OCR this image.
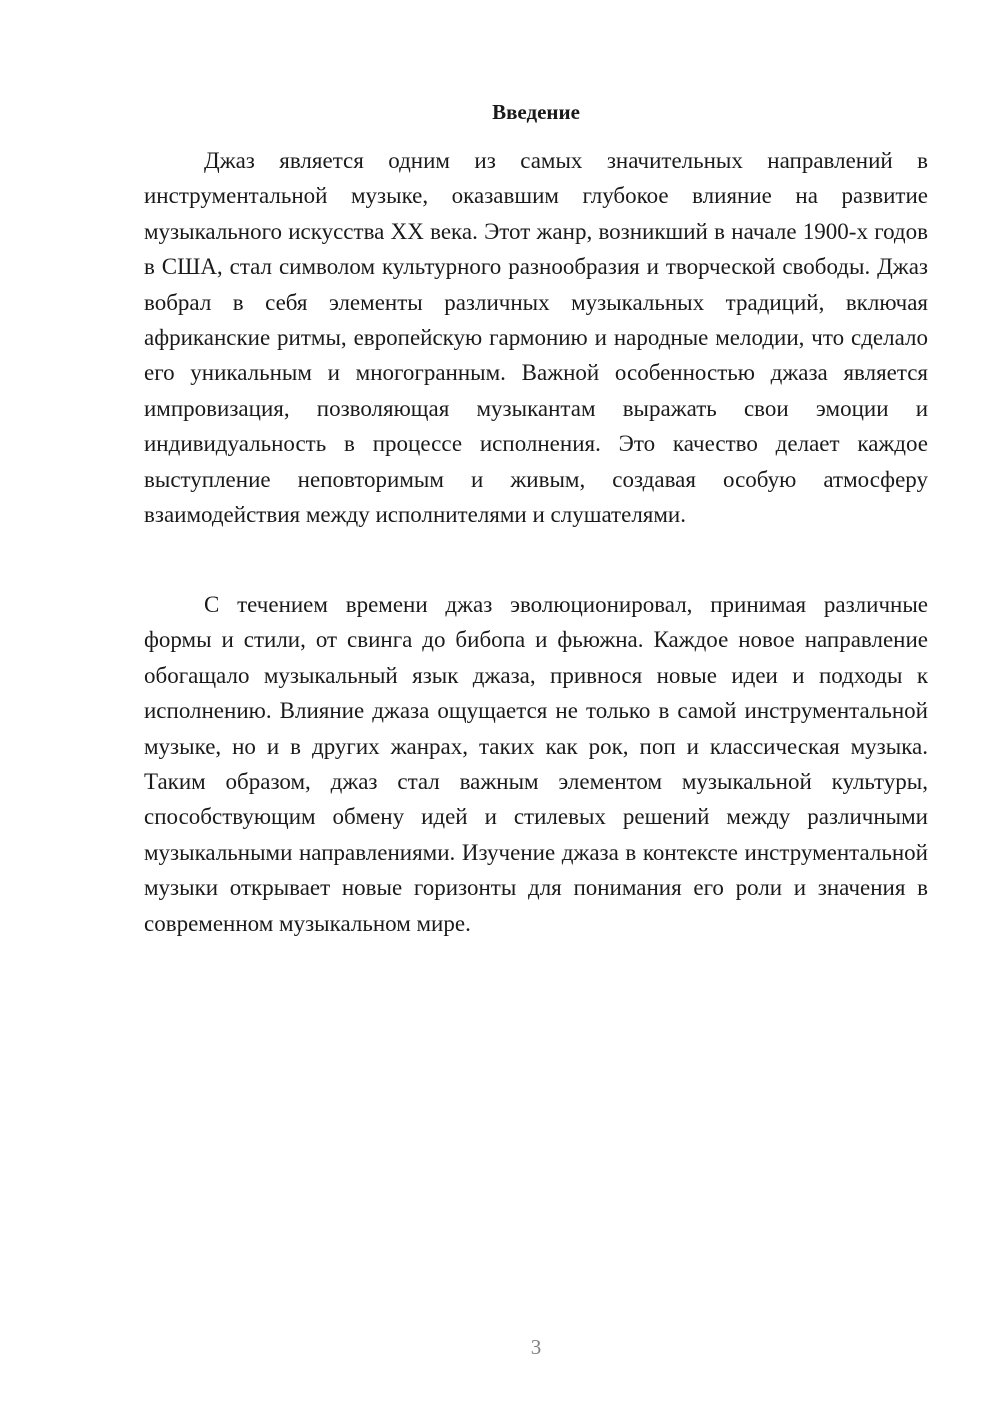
Введение

Джаз является одним из самых значительных направлений в инструментальной музыке, оказавшим глубокое влияние на развитие музыкального искусства XX века. Этот жанр, возникший в начале 1900-х годов в США, стал символом культурного разнообразия и творческой свободы. Джаз вобрал в себя элементы различных музыкальных традиций, включая африканские ритмы, европейскую гармонию и народные мелодии, что сделало его уникальным и многогранным. Важной особенностью джаза является импровизация, позволяющая музыкантам выражать свои эмоции и индивидуальность в процессе исполнения. Это качество делает каждое выступление неповторимым и живым, создавая особую атмосферу взаимодействия между исполнителями и слушателями.

С течением времени джаз эволюционировал, принимая различные формы и стили, от свинга до бибопа и фьюжна. Каждое новое направление обогащало музыкальный язык джаза, привнося новые идеи и подходы к исполнению. Влияние джаза ощущается не только в самой инструментальной музыке, но и в других жанрах, таких как рок, поп и классическая музыка. Таким образом, джаз стал важным элементом музыкальной культуры, способствующим обмену идей и стилевых решений между различными музыкальными направлениями. Изучение джаза в контексте инструментальной музыки открывает новые горизонты для понимания его роли и значения в современном музыкальном мире.

3
